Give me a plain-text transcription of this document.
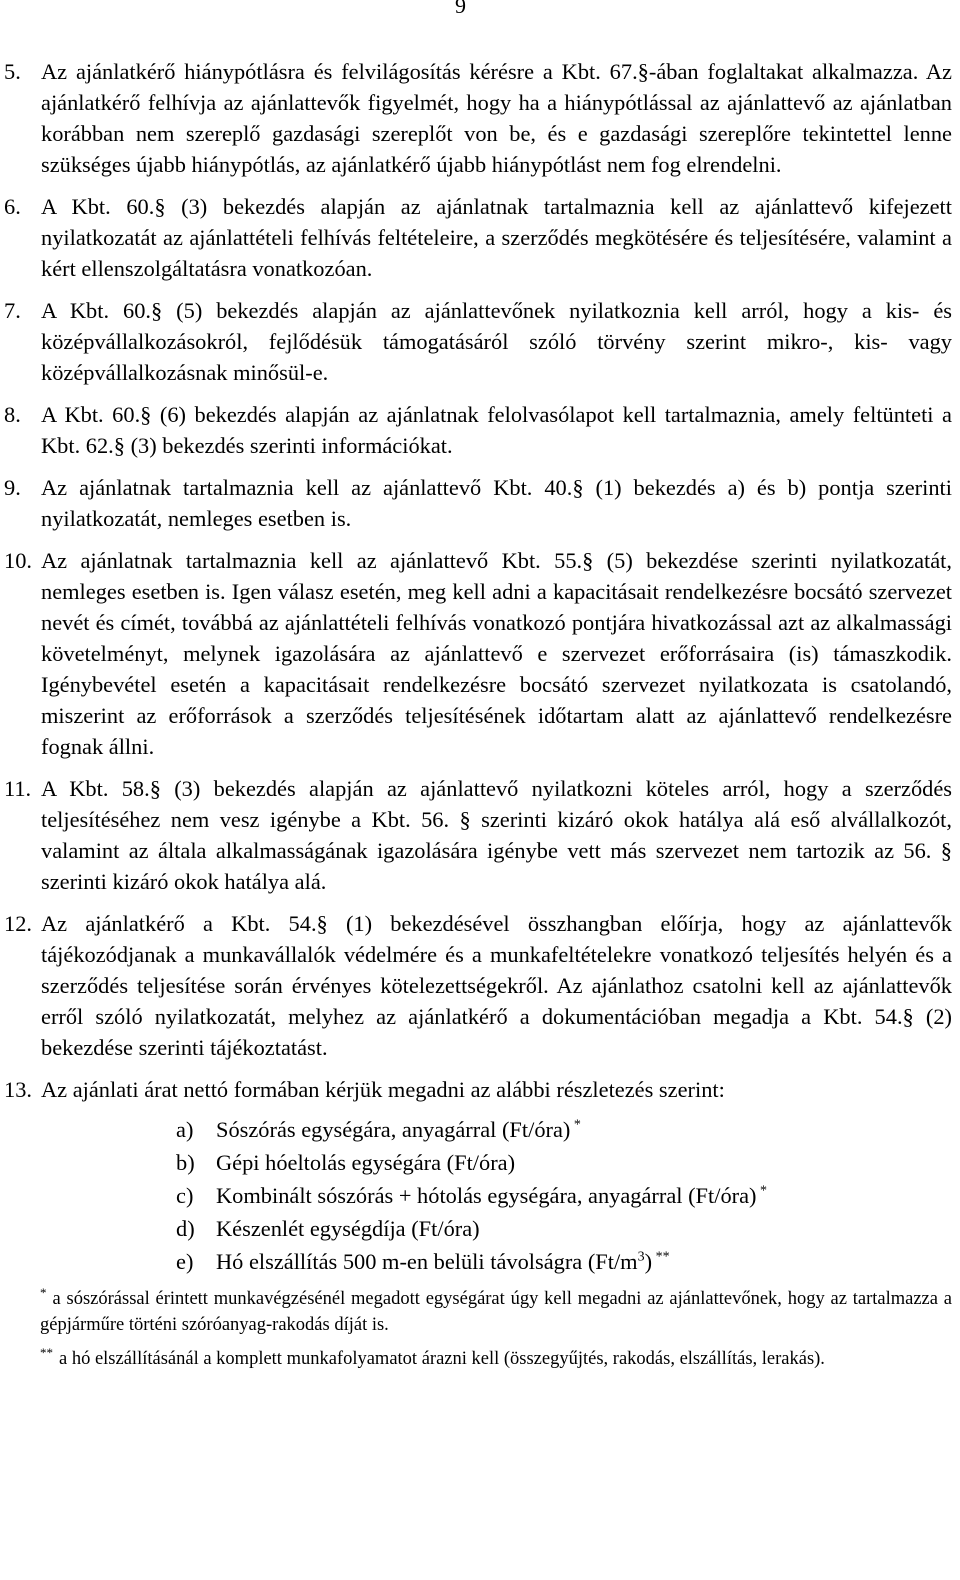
9
5. Az ajánlatkérő hiánypótlásra és felvilágosítás kérésre a Kbt. 67.§-ában foglaltakat alkalmazza. Az ajánlatkérő felhívja az ajánlattevők figyelmét, hogy ha a hiánypótlással az ajánlattevő az ajánlatban korábban nem szereplő gazdasági szereplőt von be, és e gazdasági szereplőre tekintettel lenne szükséges újabb hiánypótlás, az ajánlatkérő újabb hiánypótlást nem fog elrendelni.
6. A Kbt. 60.§ (3) bekezdés alapján az ajánlatnak tartalmaznia kell az ajánlattevő kifejezett nyilatkozatát az ajánlattételi felhívás feltételeire, a szerződés megkötésére és teljesítésére, valamint a kért ellenszolgáltatásra vonatkozóan.
7. A Kbt. 60.§ (5) bekezdés alapján az ajánlattevőnek nyilatkoznia kell arról, hogy a kis- és középvállalkozásokról, fejlődésük támogatásáról szóló törvény szerint mikro-, kis- vagy középvállalkozásnak minősül-e.
8. A Kbt. 60.§ (6) bekezdés alapján az ajánlatnak felolvasólapot kell tartalmaznia, amely feltünteti a Kbt. 62.§ (3) bekezdés szerinti információkat.
9. Az ajánlatnak tartalmaznia kell az ajánlattevő Kbt. 40.§ (1) bekezdés a) és b) pontja szerinti nyilatkozatát, nemleges esetben is.
10. Az ajánlatnak tartalmaznia kell az ajánlattevő Kbt. 55.§ (5) bekezdése szerinti nyilatkozatát, nemleges esetben is. Igen válasz esetén, meg kell adni a kapacitásait rendelkezésre bocsátó szervezet nevét és címét, továbbá az ajánlattételi felhívás vonatkozó pontjára hivatkozással azt az alkalmassági követelményt, melynek igazolására az ajánlattevő e szervezet erőforrásaira (is) támaszkodik. Igénybevétel esetén a kapacitásait rendelkezésre bocsátó szervezet nyilatkozata is csatolandó, miszerint az erőforrások a szerződés teljesítésének időtartam alatt az ajánlattevő rendelkezésre fognak állni.
11. A Kbt. 58.§ (3) bekezdés alapján az ajánlattevő nyilatkozni köteles arról, hogy a szerződés teljesítéséhez nem vesz igénybe a Kbt. 56. § szerinti kizáró okok hatálya alá eső alvállalkozót, valamint az általa alkalmasságának igazolására igénybe vett más szervezet nem tartozik az 56. § szerinti kizáró okok hatálya alá.
12. Az ajánlatkérő a Kbt. 54.§ (1) bekezdésével összhangban előírja, hogy az ajánlattevők tájékozódjanak a munkavállalók védelmére és a munkafeltételekre vonatkozó teljesítés helyén és a szerződés teljesítése során érvényes kötelezettségekről. Az ajánlathoz csatolni kell az ajánlattevők erről szóló nyilatkozatát, melyhez az ajánlatkérő a dokumentációban megadja a Kbt. 54.§ (2) bekezdése szerinti tájékoztatást.
13. Az ajánlati árat nettó formában kérjük megadni az alábbi részletezés szerint:
a)	Sószórás egységára, anyagárral (Ft/óra) *
b) Gépi hóeltolás egységára (Ft/óra)
c)	Kombinált sószórás + hótolás egységára, anyagárral (Ft/óra) *
d) Készenlét egységdíja (Ft/óra)
e)	Hó elszállítás 500 m-en belüli távolságra $(Ft/m^3)$ **
* a sószórással érintett munkavégzésénél megadott egységárat úgy kell megadni az ajánlattevőnek, hogy az tartalmazza a gépjárműre történi szóróanyag-rakodás díját is.
** a hó elszállításánál a komplett munkafolyamatot árazni kell (összegyűjtés, rakodás, elszállítás, lerakás).
